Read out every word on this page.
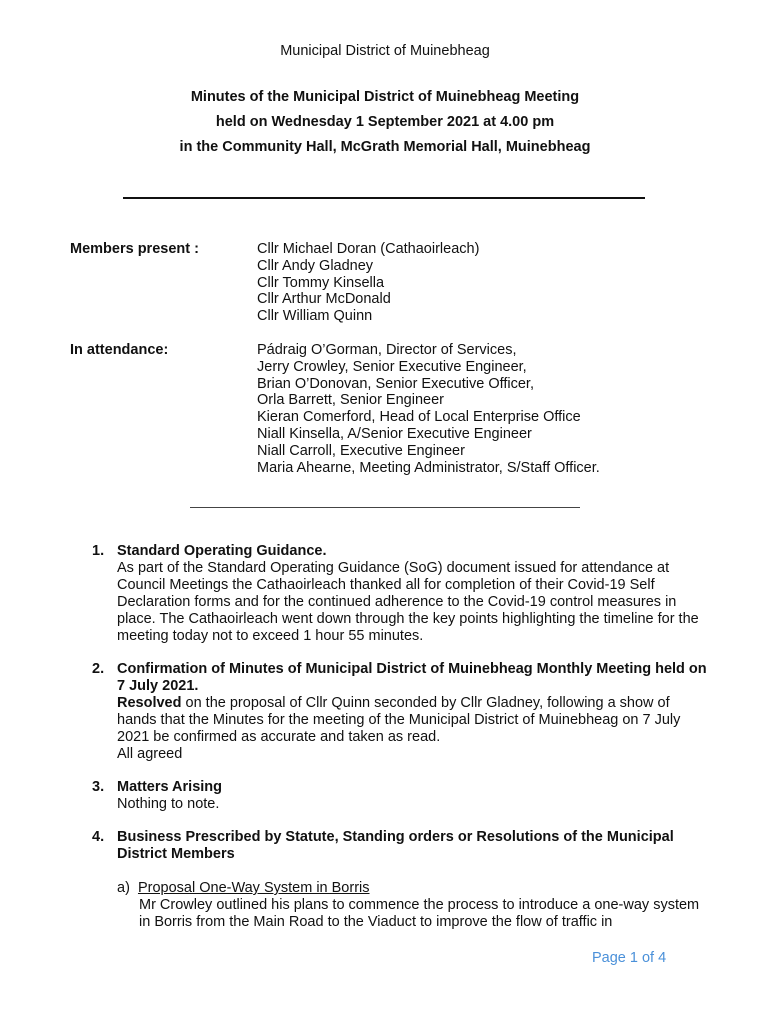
Municipal District of Muinebheag
Minutes of the Municipal District of Muinebheag Meeting
held on Wednesday 1 September 2021 at 4.00 pm
in the Community Hall, McGrath Memorial Hall, Muinebheag
Members present :	Cllr Michael Doran (Cathaoirleach)
Cllr Andy Gladney
Cllr Tommy Kinsella
Cllr Arthur McDonald
Cllr William Quinn
In attendance:	Pádraig O’Gorman, Director of Services,
Jerry Crowley, Senior Executive Engineer,
Brian O’Donovan, Senior Executive Officer,
Orla Barrett, Senior Engineer
Kieran Comerford, Head of Local Enterprise Office
Niall Kinsella, A/Senior Executive Engineer
Niall Carroll, Executive Engineer
Maria Ahearne, Meeting Administrator, S/Staff Officer.
1. Standard Operating Guidance.
As part of the Standard Operating Guidance (SoG) document issued for attendance at Council Meetings the Cathaoirleach thanked all for completion of their Covid-19 Self Declaration forms and for the continued adherence to the Covid-19 control measures in place. The Cathaoirleach went down through the key points highlighting the timeline for the meeting today not to exceed 1 hour 55 minutes.
2. Confirmation of Minutes of Municipal District of Muinebheag Monthly Meeting held on 7 July 2021.
Resolved on the proposal of Cllr Quinn seconded by Cllr Gladney, following a show of hands that the Minutes for the meeting of the Municipal District of Muinebheag on 7 July 2021 be confirmed as accurate and taken as read.
All agreed
3. Matters Arising
Nothing to note.
4. Business Prescribed by Statute, Standing orders or Resolutions of the Municipal District Members
a) Proposal One-Way System in Borris
Mr Crowley outlined his plans to commence the process to introduce a one-way system in Borris from the Main Road to the Viaduct to improve the flow of traffic in
Page 1 of 4
